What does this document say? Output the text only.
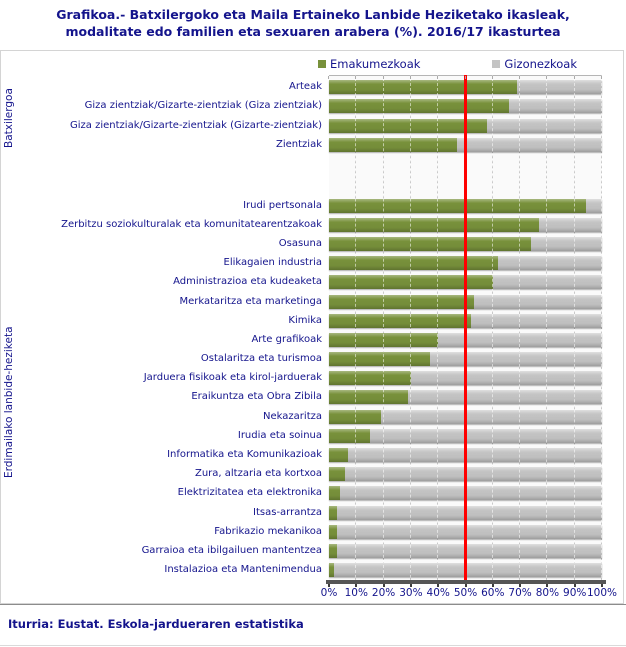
Grafikoa.- Batxilergoko eta Maila Ertaineko Lanbide Heziketako ikasleak,
modalitate edo familien eta sexuaren arabera (%). 2016/17 ikasturtea
Emakumezkoak	Gizonezkoak
Batxilergoa
Erdimailako lanbide-heziketa
Arteak
Giza zientziak/Gizarte-zientziak (Giza zientziak)
Giza zientziak/Gizarte-zientziak (Gizarte-zientziak)
Zientziak
Irudi pertsonala
Zerbitzu soziokulturalak eta komunitatearentzakoak
Osasuna
Elikagaien industria
Administrazioa eta kudeaketa
Merkataritza eta marketinga
Kimika
Arte grafikoak
Ostalaritza eta turismoa
Jarduera fisikoak eta kirol-jarduerak
Eraikuntza eta Obra Zibila
Nekazaritza
Irudia eta soinua
Informatika eta Komunikazioak
Zura, altzaria eta kortxoa
Elektrizitatea eta elektronika
Itsas-arrantza
Fabrikazio mekanikoa
Garraioa eta ibilgailuen mantentzea
Instalazioa eta Mantenimendua
0% 10% 20% 30% 40% 50% 60% 70% 80% 90% 100%
Iturria: Eustat. Eskola-jardueraren estatistika
